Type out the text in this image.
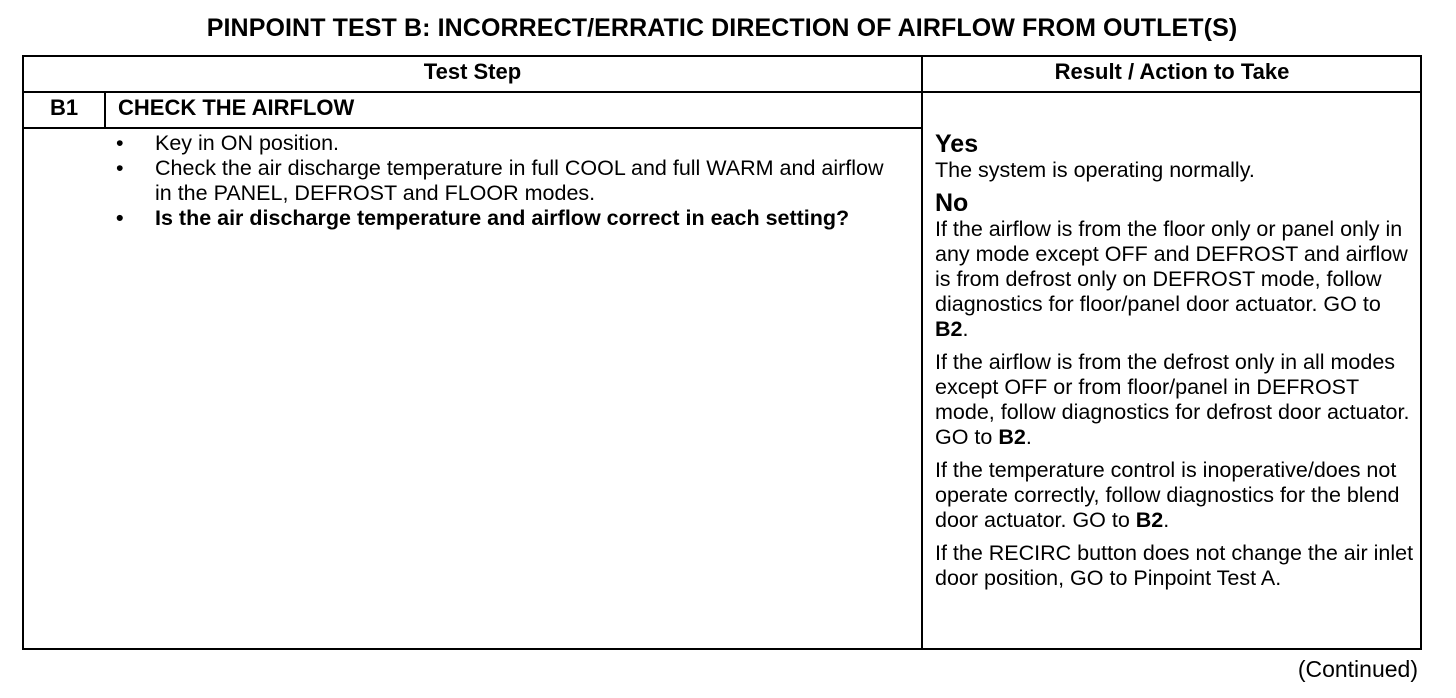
PINPOINT TEST B: INCORRECT/ERRATIC DIRECTION OF AIRFLOW FROM OUTLET(S)
Test Step	Result / Action to Take
B1	CHECK THE AIRFLOW
• Key in ON position.
• Check the air discharge temperature in full COOL and full WARM and airflow in the PANEL, DEFROST and FLOOR modes.
• Is the air discharge temperature and airflow correct in each setting?
Yes
The system is operating normally.
No
If the airflow is from the floor only or panel only in any mode except OFF and DEFROST and airflow is from defrost only on DEFROST mode, follow diagnostics for floor/panel door actuator. GO to B2.
If the airflow is from the defrost only in all modes except OFF or from floor/panel in DEFROST mode, follow diagnostics for defrost door actuator. GO to B2.
If the temperature control is inoperative/does not operate correctly, follow diagnostics for the blend door actuator. GO to B2.
If the RECIRC button does not change the air inlet door position, GO to Pinpoint Test A.
(Continued)
